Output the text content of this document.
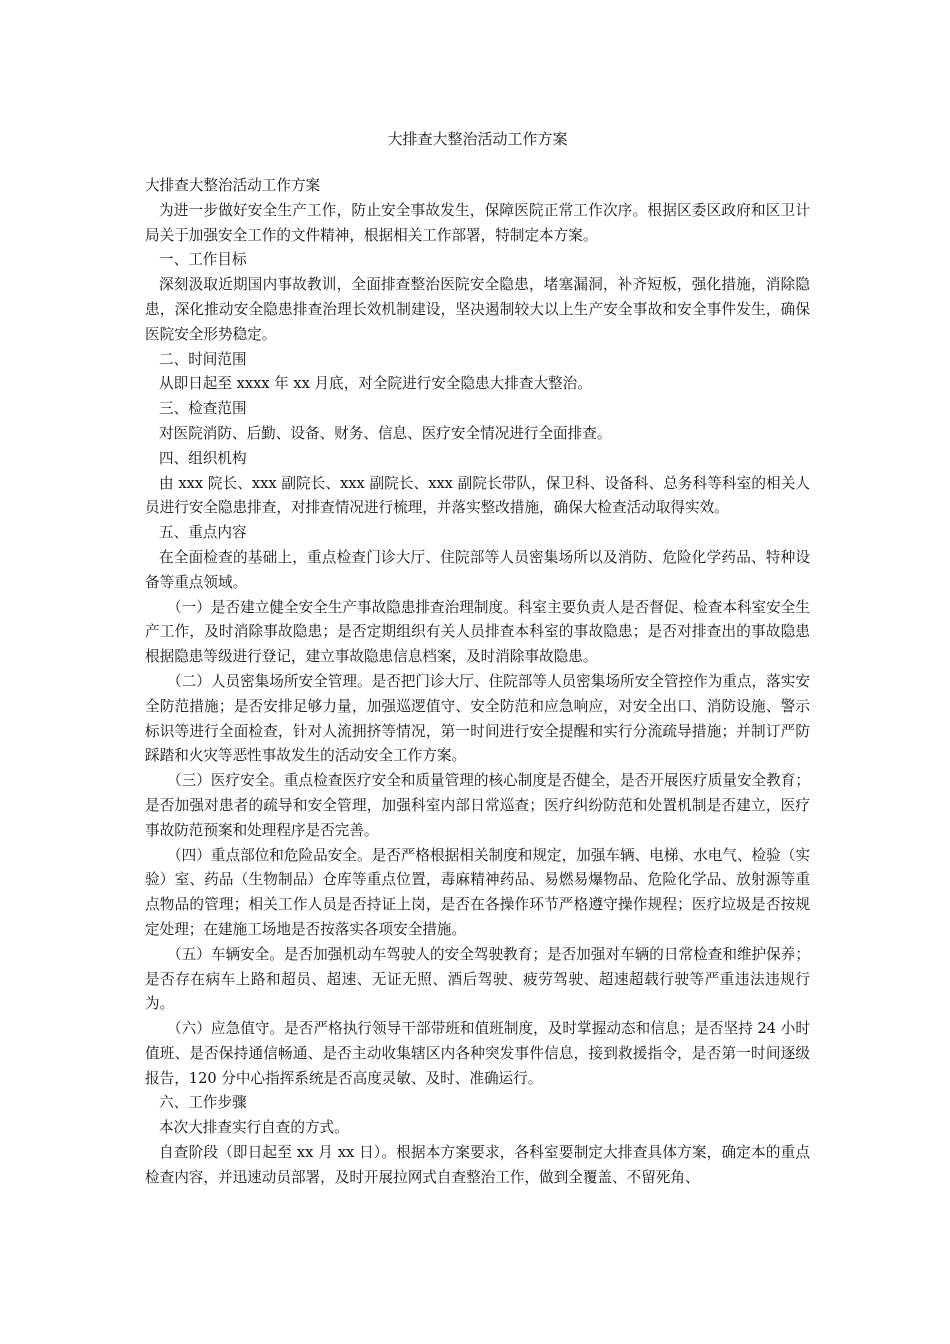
大排查大整治活动工作方案

大排查大整治活动工作方案

为进一步做好安全生产工作，防止安全事故发生，保障医院正常工作次序。根据区委区政府和区卫计局关于加强安全工作的文件精神，根据相关工作部署，特制定本方案。

一、工作目标

深刻汲取近期国内事故教训，全面排查整治医院安全隐患，堵塞漏洞，补齐短板，强化措施，消除隐患，深化推动安全隐患排查治理长效机制建设，坚决遏制较大以上生产安全事故和安全事件发生，确保医院安全形势稳定。

二、时间范围

从即日起至 xxxx 年 xx 月底，对全院进行安全隐患大排查大整治。

三、检查范围

对医院消防、后勤、设备、财务、信息、医疗安全情况进行全面排查。

四、组织机构

由 xxx 院长、xxx 副院长、xxx 副院长、xxx 副院长带队，保卫科、设备科、总务科等科室的相关人员进行安全隐患排查，对排查情况进行梳理，并落实整改措施，确保大检查活动取得实效。

五、重点内容

在全面检查的基础上，重点检查门诊大厅、住院部等人员密集场所以及消防、危险化学药品、特种设备等重点领域。

（一）是否建立健全安全生产事故隐患排查治理制度。科室主要负责人是否督促、检查本科室安全生产工作，及时消除事故隐患；是否定期组织有关人员排查本科室的事故隐患；是否对排查出的事故隐患根据隐患等级进行登记，建立事故隐患信息档案，及时消除事故隐患。

（二）人员密集场所安全管理。是否把门诊大厅、住院部等人员密集场所安全管控作为重点，落实安全防范措施；是否安排足够力量，加强巡逻值守、安全防范和应急响应，对安全出口、消防设施、警示标识等进行全面检查，针对人流拥挤等情况，第一时间进行安全提醒和实行分流疏导措施；并制订严防踩踏和火灾等恶性事故发生的活动安全工作方案。

（三）医疗安全。重点检查医疗安全和质量管理的核心制度是否健全，是否开展医疗质量安全教育；是否加强对患者的疏导和安全管理，加强科室内部日常巡查；医疗纠纷防范和处置机制是否建立，医疗事故防范预案和处理程序是否完善。

（四）重点部位和危险品安全。是否严格根据相关制度和规定，加强车辆、电梯、水电气、检验（实验）室、药品（生物制品）仓库等重点位置，毒麻精神药品、易燃易爆物品、危险化学品、放射源等重点物品的管理；相关工作人员是否持证上岗，是否在各操作环节严格遵守操作规程；医疗垃圾是否按规定处理；在建施工场地是否按落实各项安全措施。

（五）车辆安全。是否加强机动车驾驶人的安全驾驶教育；是否加强对车辆的日常检查和维护保养；是否存在病车上路和超员、超速、无证无照、酒后驾驶、疲劳驾驶、超速超载行驶等严重违法违规行为。

（六）应急值守。是否严格执行领导干部带班和值班制度，及时掌握动态和信息；是否坚持 24 小时值班、是否保持通信畅通、是否主动收集辖区内各种突发事件信息，接到救援指令，是否第一时间逐级报告，120 分中心指挥系统是否高度灵敏、及时、准确运行。

六、工作步骤

本次大排查实行自查的方式。

自查阶段（即日起至 xx 月 xx 日）。根据本方案要求，各科室要制定大排查具体方案，确定本的重点检查内容，并迅速动员部署，及时开展拉网式自查整治工作，做到全覆盖、不留死角、
